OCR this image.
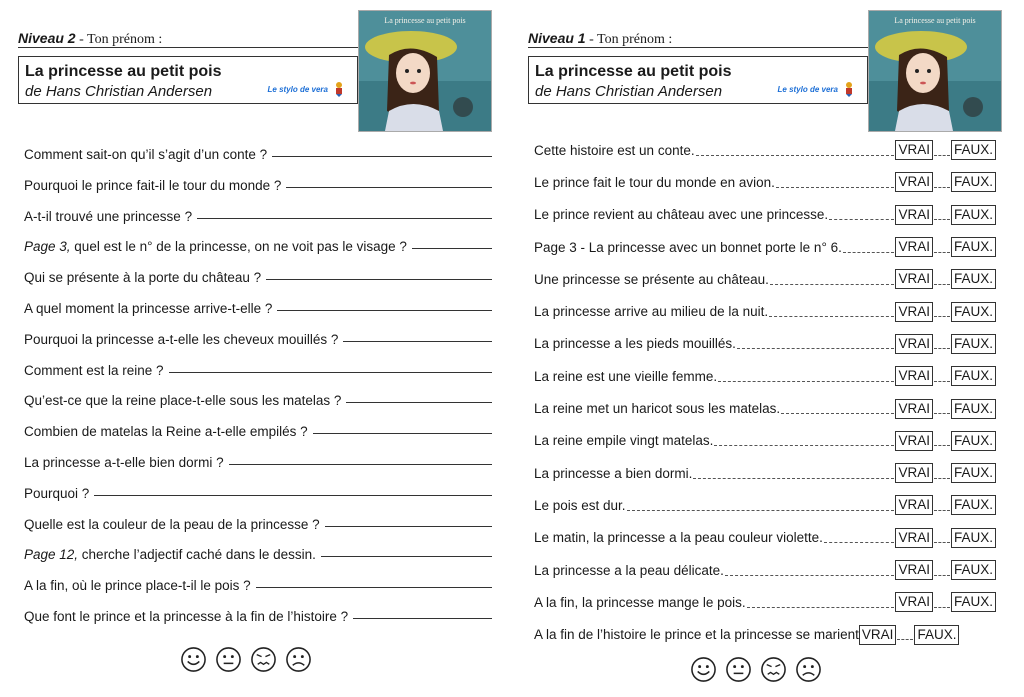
Niveau 2 - Ton prénom :
La princesse au petit pois
de Hans Christian Andersen	Le stylo de vera
La princesse au petit pois
Comment sait-on qu’il s’agit d’un conte ?
Pourquoi le prince fait-il le tour du monde ?
A-t-il trouvé une princesse ?
Page 3, quel est le n° de la princesse, on ne voit pas le visage ?
Qui se présente à la porte du château ?
A quel moment la princesse arrive-t-elle ?
Pourquoi la princesse a-t-elle les cheveux mouillés ?
Comment est la reine ?
Qu’est-ce que la reine place-t-elle sous les matelas ?
Combien de matelas la Reine a-t-elle empilés ?
La princesse a-t-elle bien dormi ?
Pourquoi ?
Quelle est la couleur de la peau de la princesse ?
Page 12, cherche l’adjectif caché dans le dessin.
A la fin, où le prince place-t-il le pois ?
Que font le prince et la princesse à la fin de l’histoire ?
Niveau 1 - Ton prénom :
La princesse au petit pois
de Hans Christian Andersen	Le stylo de vera
La princesse au petit pois
Cette histoire est un conte.	VRAI FAUX.
Le prince fait le tour du monde en avion.	VRAI FAUX.
Le prince revient au château avec une princesse.	VRAI FAUX.
Page 3 - La princesse avec un bonnet porte le n° 6.	VRAI FAUX.
Une princesse se présente au château.	VRAI FAUX.
La princesse arrive au milieu de la nuit.	VRAI FAUX.
La princesse a les pieds mouillés.	VRAI FAUX.
La reine est une vieille femme.	VRAI FAUX.
La reine met un haricot sous les matelas.	VRAI FAUX.
La reine empile vingt matelas.	VRAI FAUX.
La princesse a bien dormi.	VRAI FAUX.
Le pois est dur.	VRAI FAUX.
Le matin, la princesse a la peau couleur violette.	VRAI FAUX.
La princesse a la peau délicate.	VRAI FAUX.
A la fin, la princesse mange le pois.	VRAI FAUX.
A la fin de l’histoire le prince et la princesse se marient VRAI FAUX.
